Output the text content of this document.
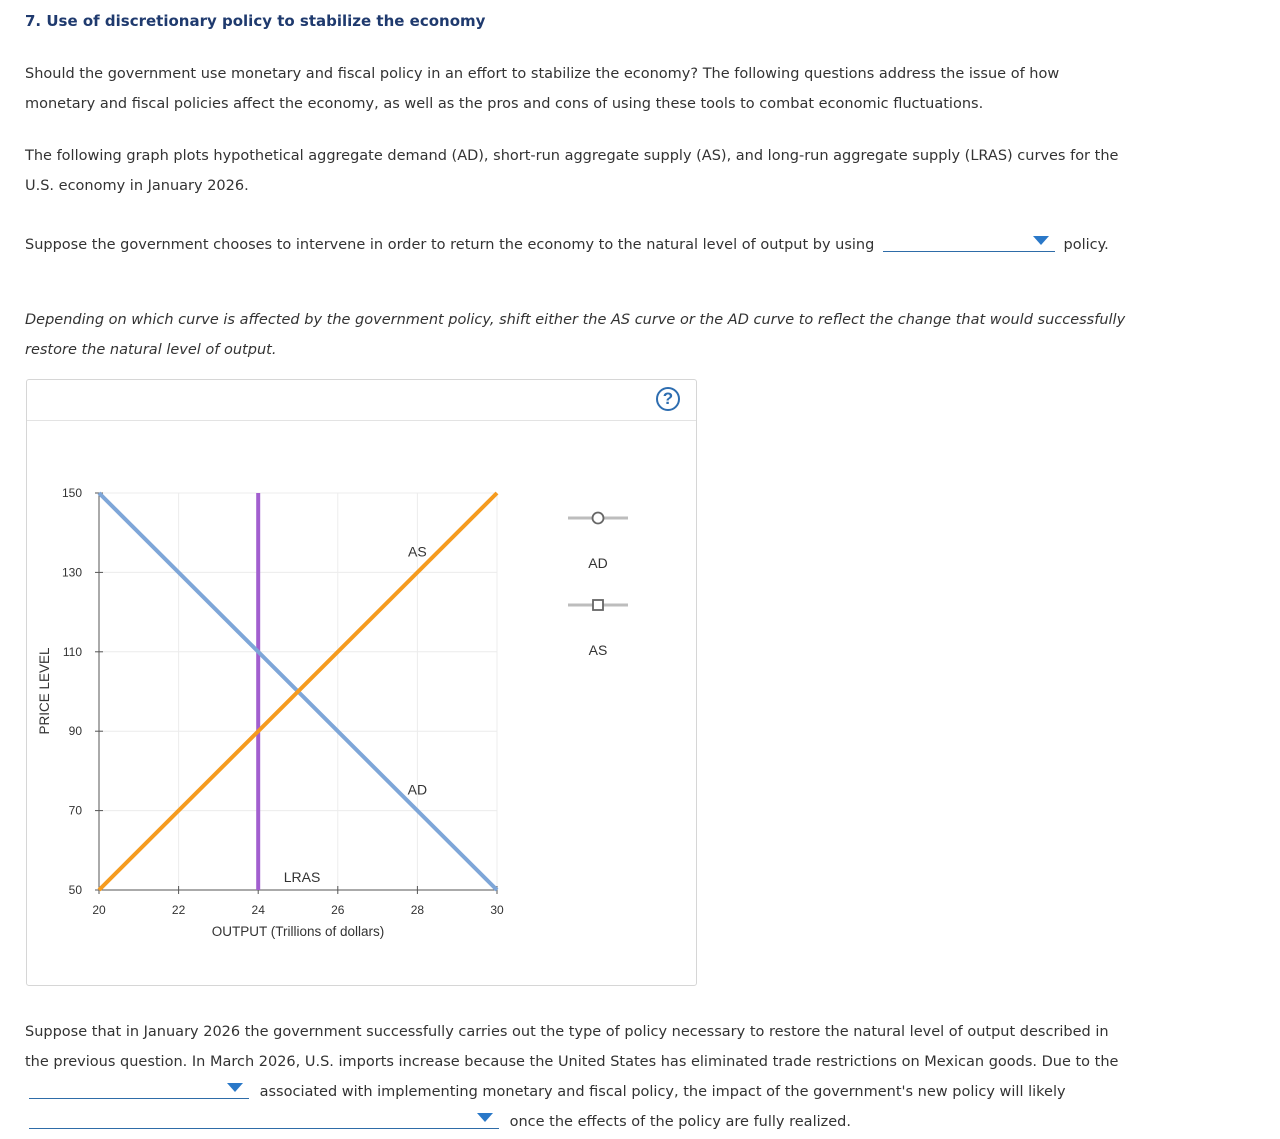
7. Use of discretionary policy to stabilize the economy
Should the government use monetary and fiscal policy in an effort to stabilize the economy? The following questions address the issue of how
monetary and fiscal policies affect the economy, as well as the pros and cons of using these tools to combat economic fluctuations.
The following graph plots hypothetical aggregate demand (AD), short-run aggregate supply (AS), and long-run aggregate supply (LRAS) curves for the
U.S. economy in January 2026.
Suppose the government chooses to intervene in order to return the economy to the natural level of output by using	policy.
Depending on which curve is affected by the government policy, shift either the AS curve or the AD curve to reflect the change that would successfully
restore the natural level of output.
?
20	22	24	26	28	30
50
70
90
110
130
150
AS
AD
LRAS
OUTPUT (Trillions of dollars)
PRICE LEVEL
AD
AS
Suppose that in January 2026 the government successfully carries out the type of policy necessary to restore the natural level of output described in
the previous question. In March 2026, U.S. imports increase because the United States has eliminated trade restrictions on Mexican goods. Due to the
associated with implementing monetary and fiscal policy, the impact of the government's new policy will likely
once the effects of the policy are fully realized.
